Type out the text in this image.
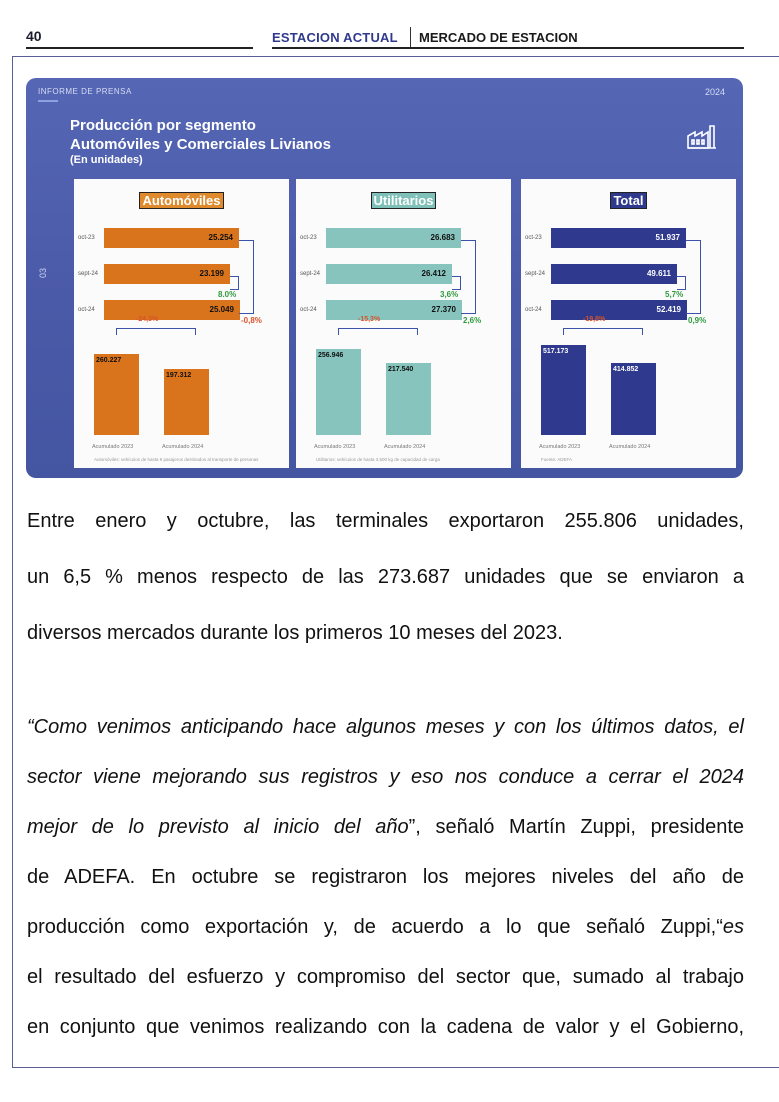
40	ESTACION ACTUAL MERCADO DE ESTACION
INFORME DE PRENSA	2024
Producción por segmento
Automóviles y Comerciales Livianos
(En unidades)
03
Automóviles
oct-23	25.254
sept-24	23.199
oct-24	25.049
8.0%
-0,8%
-24,3%
260.227
Acumulado 2023
197.312
Acumulado 2024
Automóviles: vehículos de hasta 9 pasajeros destinados al transporte de personas
Utilitarios
oct-23	26.683
sept-24	26.412
oct-24	27.370
3,6%
2,6%
-15,3%
256.946
Acumulado 2023
217.540
Acumulado 2024
Utilitarios: vehículos de hasta 3.500 kg de capacidad de carga
Total
oct-23	51.937
sept-24	49.611
oct-24	52.419
5,7%
0,9%
-19,8%
517.173
Acumulado 2023
414.852
Acumulado 2024
Fuente: ADEFA
Entre enero y octubre, las terminales exportaron 255.806 unidades,
un 6,5 % menos respecto de las 273.687 unidades que se enviaron a
diversos mercados durante los primeros 10 meses del 2023.
“Como venimos anticipando hace algunos meses y con los últimos datos, el
sector viene mejorando sus registros y eso nos conduce a cerrar el 2024
mejor de lo previsto al inicio del año”, señaló Martín Zuppi, presidente
de ADEFA. En octubre se registraron los mejores niveles del año de
producción como exportación y, de acuerdo a lo que señaló Zuppi,“es
el resultado del esfuerzo y compromiso del sector que, sumado al trabajo
en conjunto que venimos realizando con la cadena de valor y el Gobierno,
